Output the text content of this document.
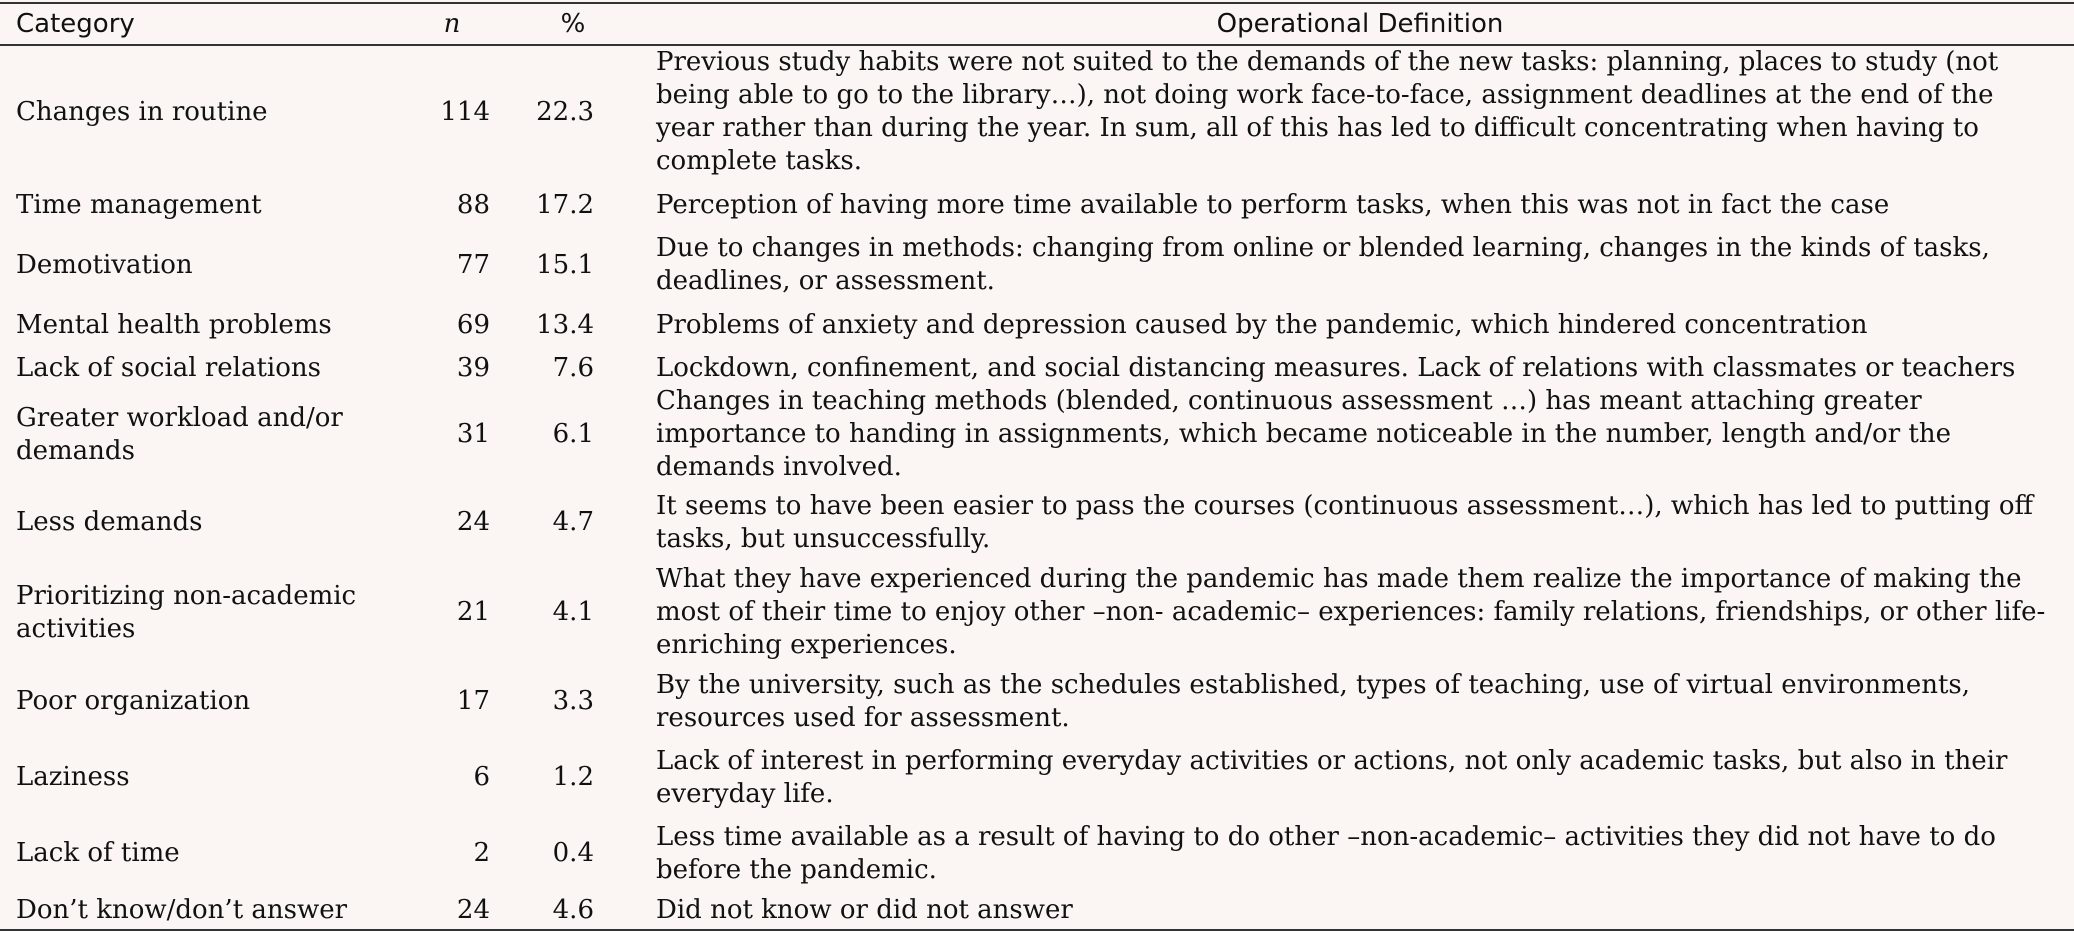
Category	n	%	Operational Definition
Changes in routine	114	22.3	Previous study habits were not suited to the demands of the new tasks: planning, places to study (not being able to go to the library…), not doing work face-to-face, assignment deadlines at the end of the year rather than during the year. In sum, all of this has led to difficult concentrating when having to complete tasks.
Time management	88	17.2	Perception of having more time available to perform tasks, when this was not in fact the case
Demotivation	77	15.1	Due to changes in methods: changing from online or blended learning, changes in the kinds of tasks, deadlines, or assessment.
Mental health problems	69	13.4	Problems of anxiety and depression caused by the pandemic, which hindered concentration
Lack of social relations	39	7.6	Lockdown, confinement, and social distancing measures. Lack of relations with classmates or teachers
Greater workload and/or demands	31	6.1	Changes in teaching methods (blended, continuous assessment …) has meant attaching greater importance to handing in assignments, which became noticeable in the number, length and/or the demands involved.
Less demands	24	4.7	It seems to have been easier to pass the courses (continuous assessment…), which has led to putting off tasks, but unsuccessfully.
Prioritizing non-academic activities	21	4.1	What they have experienced during the pandemic has made them realize the importance of making the most of their time to enjoy other –non- academic– experiences: family relations, friendships, or other life-enriching experiences.
Poor organization	17	3.3	By the university, such as the schedules established, types of teaching, use of virtual environments, resources used for assessment.
Laziness	6	1.2	Lack of interest in performing everyday activities or actions, not only academic tasks, but also in their everyday life.
Lack of time	2	0.4	Less time available as a result of having to do other –non-academic– activities they did not have to do before the pandemic.
Don’t know/don’t answer	24	4.6	Did not know or did not answer
